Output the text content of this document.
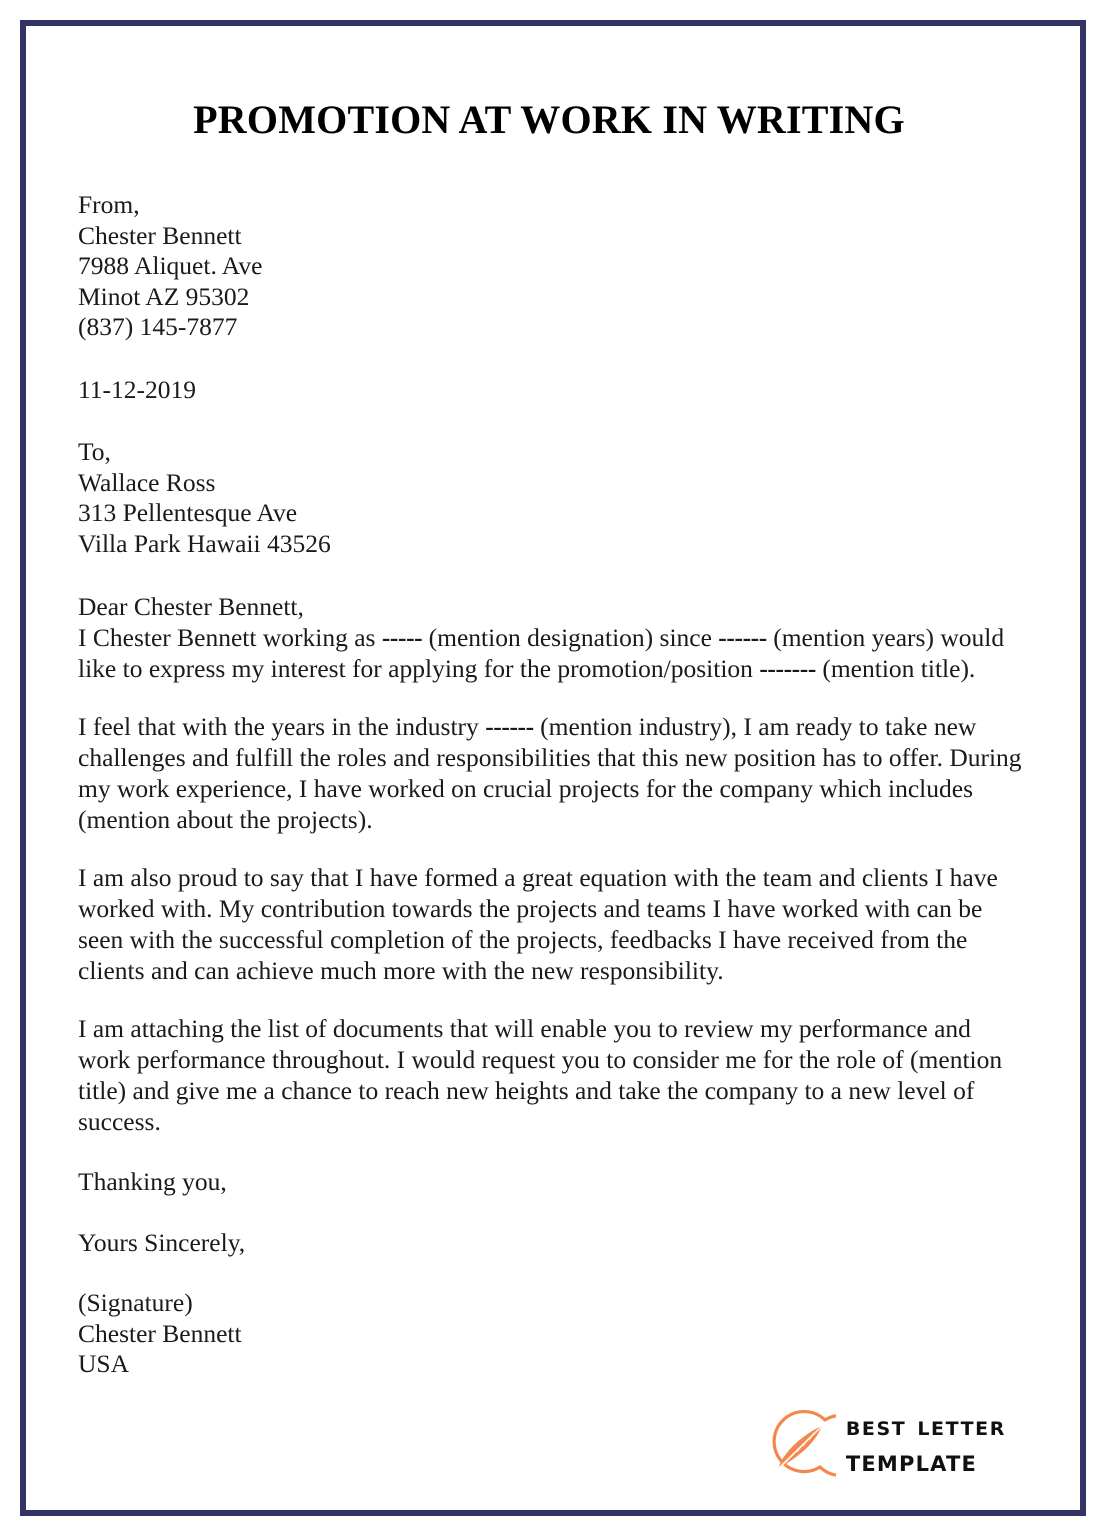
PROMOTION AT WORK IN WRITING
From,
Chester Bennett
7988 Aliquet. Ave
Minot AZ 95302
(837) 145-7877
11-12-2019
To,
Wallace Ross
313 Pellentesque Ave
Villa Park Hawaii 43526

Dear Chester Bennett,

I Chester Bennett working as ----- (mention designation) since ------ (mention years) would like to express my interest for applying for the promotion/position ------- (mention title).

I feel that with the years in the industry ------ (mention industry), I am ready to take new challenges and fulfill the roles and responsibilities that this new position has to offer. During my work experience, I have worked on crucial projects for the company which includes (mention about the projects).

I am also proud to say that I have formed a great equation with the team and clients I have worked with. My contribution towards the projects and teams I have worked with can be seen with the successful completion of the projects, feedbacks I have received from the clients and can achieve much more with the new responsibility.

I am attaching the list of documents that will enable you to review my performance and work performance throughout. I would request you to consider me for the role of (mention title) and give me a chance to reach new heights and take the company to a new level of success.

Thanking you,
Yours Sincerely,
(Signature)
Chester Bennett
USA
best letter
template
